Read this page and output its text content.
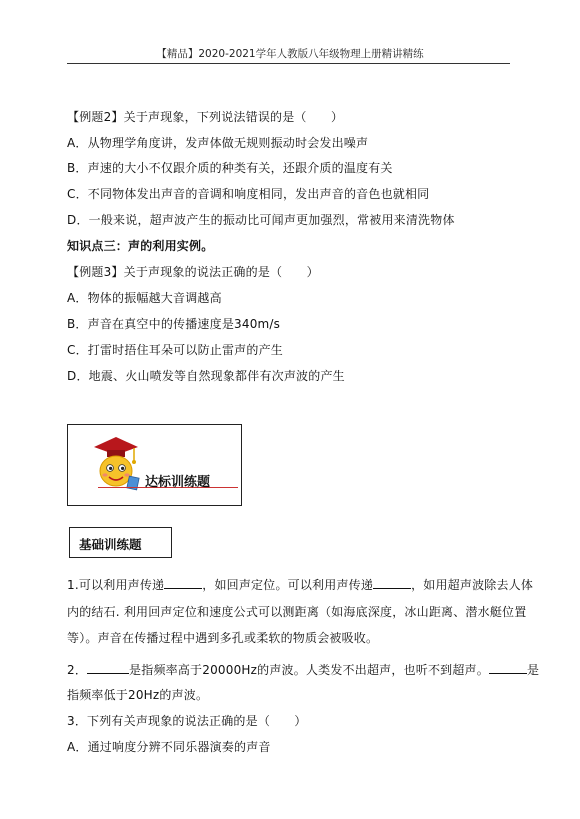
【精品】2020-2021学年人教版八年级物理上册精讲精练
【例题2】关于声现象，下列说法错误的是（　　）
A．从物理学角度讲，发声体做无规则振动时会发出噪声
B．声速的大小不仅跟介质的种类有关，还跟介质的温度有关
C．不同物体发出声音的音调和响度相同，发出声音的音色也就相同
D．一般来说，超声波产生的振动比可闻声更加强烈，常被用来清洗物体
知识点三：声的利用实例。
【例题3】关于声现象的说法正确的是（　　）
A．物体的振幅越大音调越高
B．声音在真空中的传播速度是340m/s
C．打雷时捂住耳朵可以防止雷声的产生
D．地震、火山喷发等自然现象都伴有次声波的产生
达标训练题
基础训练题
1.可以利用声传递	，如回声定位。可以利用声传递	，如用超声波除去人体
内的结石. 利用回声定位和速度公式可以测距离（如海底深度，冰山距离、潜水艇位置
等）。声音在传播过程中遇到多孔或柔软的物质会被吸收。
2．	是指频率高于20000Hz的声波。人类发不出超声，也听不到超声。	是
指频率低于20Hz的声波。
3．下列有关声现象的说法正确的是（　　）
A．通过响度分辨不同乐器演奏的声音
